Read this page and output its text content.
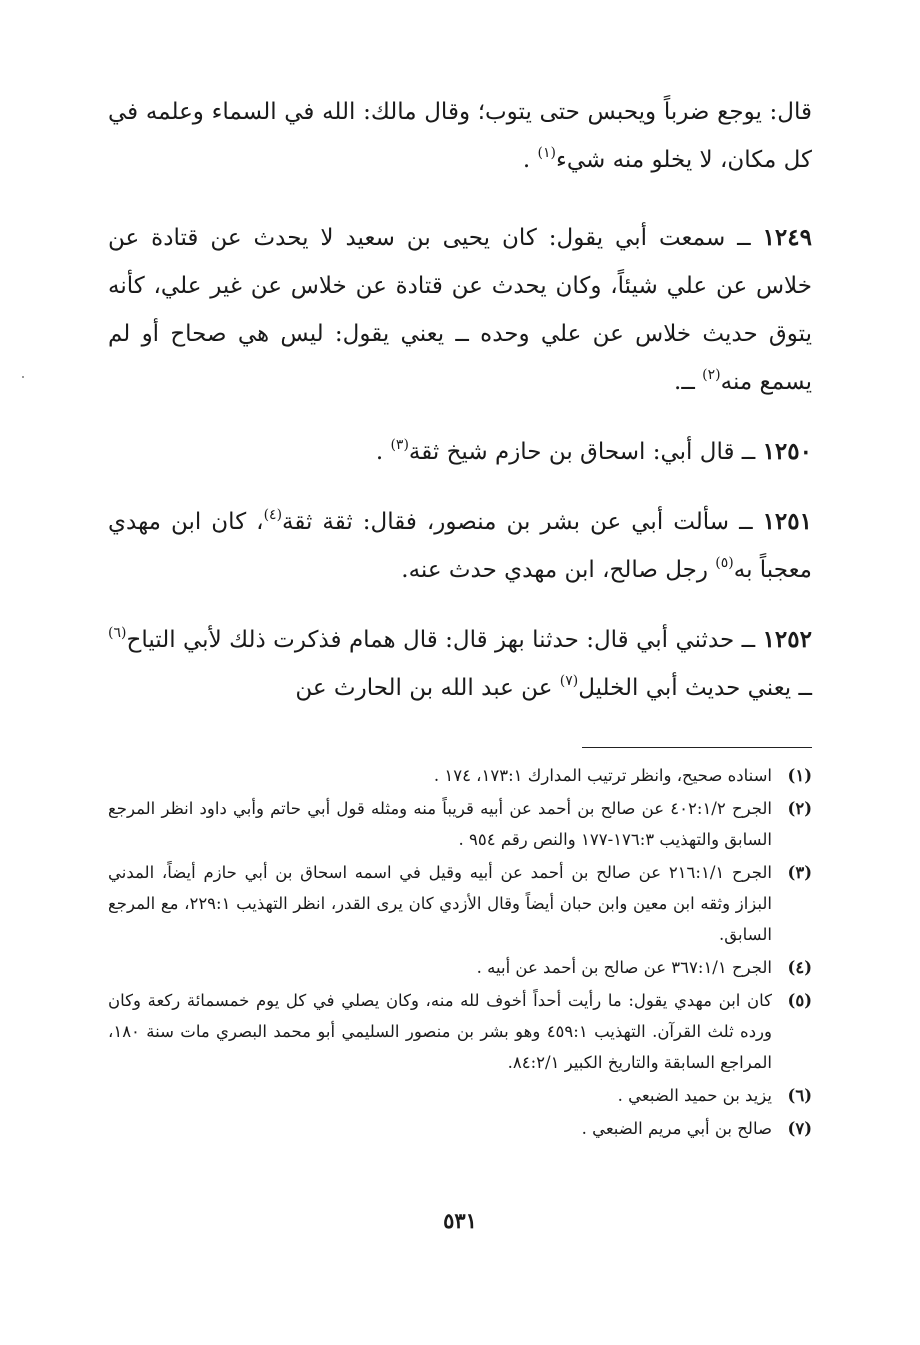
قال: يوجع ضرباً ويحبس حتى يتوب؛ وقال مالك: الله في السماء وعلمه في كل مكان، لا يخلو منه شيء$^{(١)}$ .

١٢٤٩ ــ سمعت أبي يقول: كان يحيى بن سعيد لا يحدث عن قتادة عن خلاس عن علي شيئاً، وكان يحدث عن قتادة عن خلاس عن غير علي، كأنه يتوق حديث خلاس عن علي وحده ــ يعني يقول: ليس هي صحاح أو لم يسمع منه$^{(٢)}$ ــ.

١٢٥٠ ــ قال أبي: اسحاق بن حازم شيخ ثقة$^{(٣)}$ .

١٢٥١ ــ سألت أبي عن بشر بن منصور، فقال: ثقة ثقة$^{(٤)}$، كان ابن مهدي معجباً به$^{(٥)}$ رجل صالح، ابن مهدي حدث عنه.

١٢٥٢ ــ حدثني أبي قال: حدثنا بهز قال: قال همام فذكرت ذلك لأبي التياح$^{(٦)}$ ــ يعني حديث أبي الخليل$^{(٧)}$ عن عبد الله بن الحارث عن

(١)
اسناده صحيح، وانظر ترتيب المدارك ١٧٣:١، ١٧٤ .
(٢)
الجرح ٤٠٢:١/٢ عن صالح بن أحمد عن أبيه قريباً منه ومثله قول أبي حاتم وأبي داود انظر المرجع السابق والتهذيب ١٧٦:٣-١٧٧ والنص رقم ٩٥٤ .
(٣)
الجرح ٢١٦:١/١ عن صالح بن أحمد عن أبيه وقيل في اسمه اسحاق بن أبي حازم أيضاً، المدني البزاز وثقه ابن معين وابن حبان أيضاً وقال الأزدي كان يرى القدر، انظر التهذيب ٢٢٩:١، مع المرجع السابق.
(٤)
الجرح ٣٦٧:١/١ عن صالح بن أحمد عن أبيه .
(٥)
كان ابن مهدي يقول: ما رأيت أحداً أخوف لله منه، وكان يصلي في كل يوم خمسمائة ركعة وكان ورده ثلث القرآن. التهذيب ٤٥٩:١ وهو بشر بن منصور السليمي أبو محمد البصري مات سنة ١٨٠، المراجع السابقة والتاريخ الكبير ٨٤:٢/١.
(٦)
يزيد بن حميد الضبعي .
(٧)
صالح بن أبي مريم الضبعي .
٥٣١
